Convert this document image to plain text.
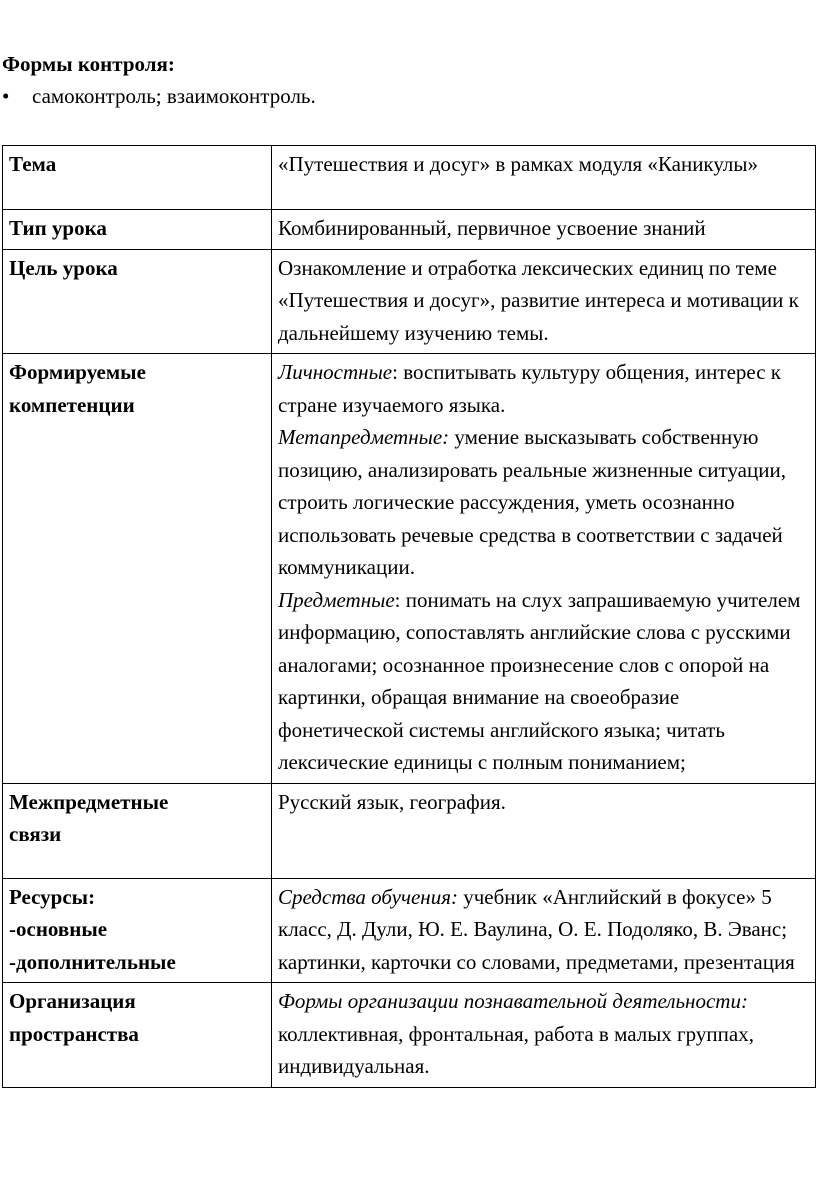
Формы контроля:
•	самоконтроль; взаимоконтроль.
Тема	«Путешествия и досуг» в рамках модуля «Каникулы»
Тип урока	Комбинированный, первичное усвоение знаний
Цель урока	Ознакомление и отработка лексических единиц по теме «Путешествия и досуг», развитие интереса и мотивации к дальнейшему изучению темы.

Формируемые
компетенции	Личностные: воспитывать культуру общения, интерес к стране изучаемого языка.
Метапредметные: умение высказывать собственную позицию, анализировать реальные жизненные ситуации, строить логические рассуждения, уметь осознанно использовать речевые средства в соответствии с задачей коммуникации.
Предметные: понимать на слух запрашиваемую учителем информацию, сопоставлять английские слова с русскими аналогами; осознанное произнесение слов с опорой на картинки, обращая внимание на своеобразие фонетической системы английского языка; читать лексические единицы с полным пониманием;

Межпредметные
связи	Русский язык, география.

Ресурсы:
-основные
-дополнительные	Средства обучения: учебник «Английский в фокусе» 5 класс, Д. Дули, Ю. Е. Ваулина, О. Е. Подоляко, В. Эванс; картинки, карточки со словами, предметами, презентация

Организация
пространства	Формы организации познавательной деятельности: коллективная, фронтальная, работа в малых группах, индивидуальная.
